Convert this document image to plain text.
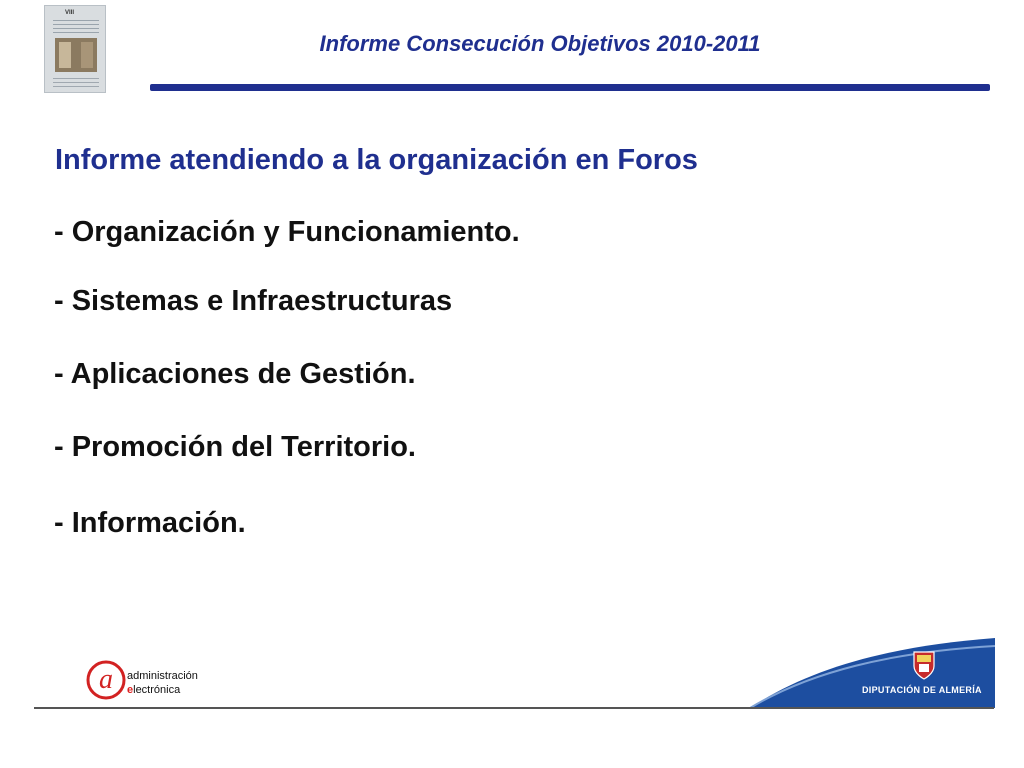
VIII
Informe Consecución Objetivos 2010-2011
Informe atendiendo a la organización en Foros
- Organización y Funcionamiento.
- Sistemas e Infraestructuras
- Aplicaciones de Gestión.
- Promoción del Territorio.
- Información.
a administración
electrónica	DIPUTACIÓN DE ALMERÍA
